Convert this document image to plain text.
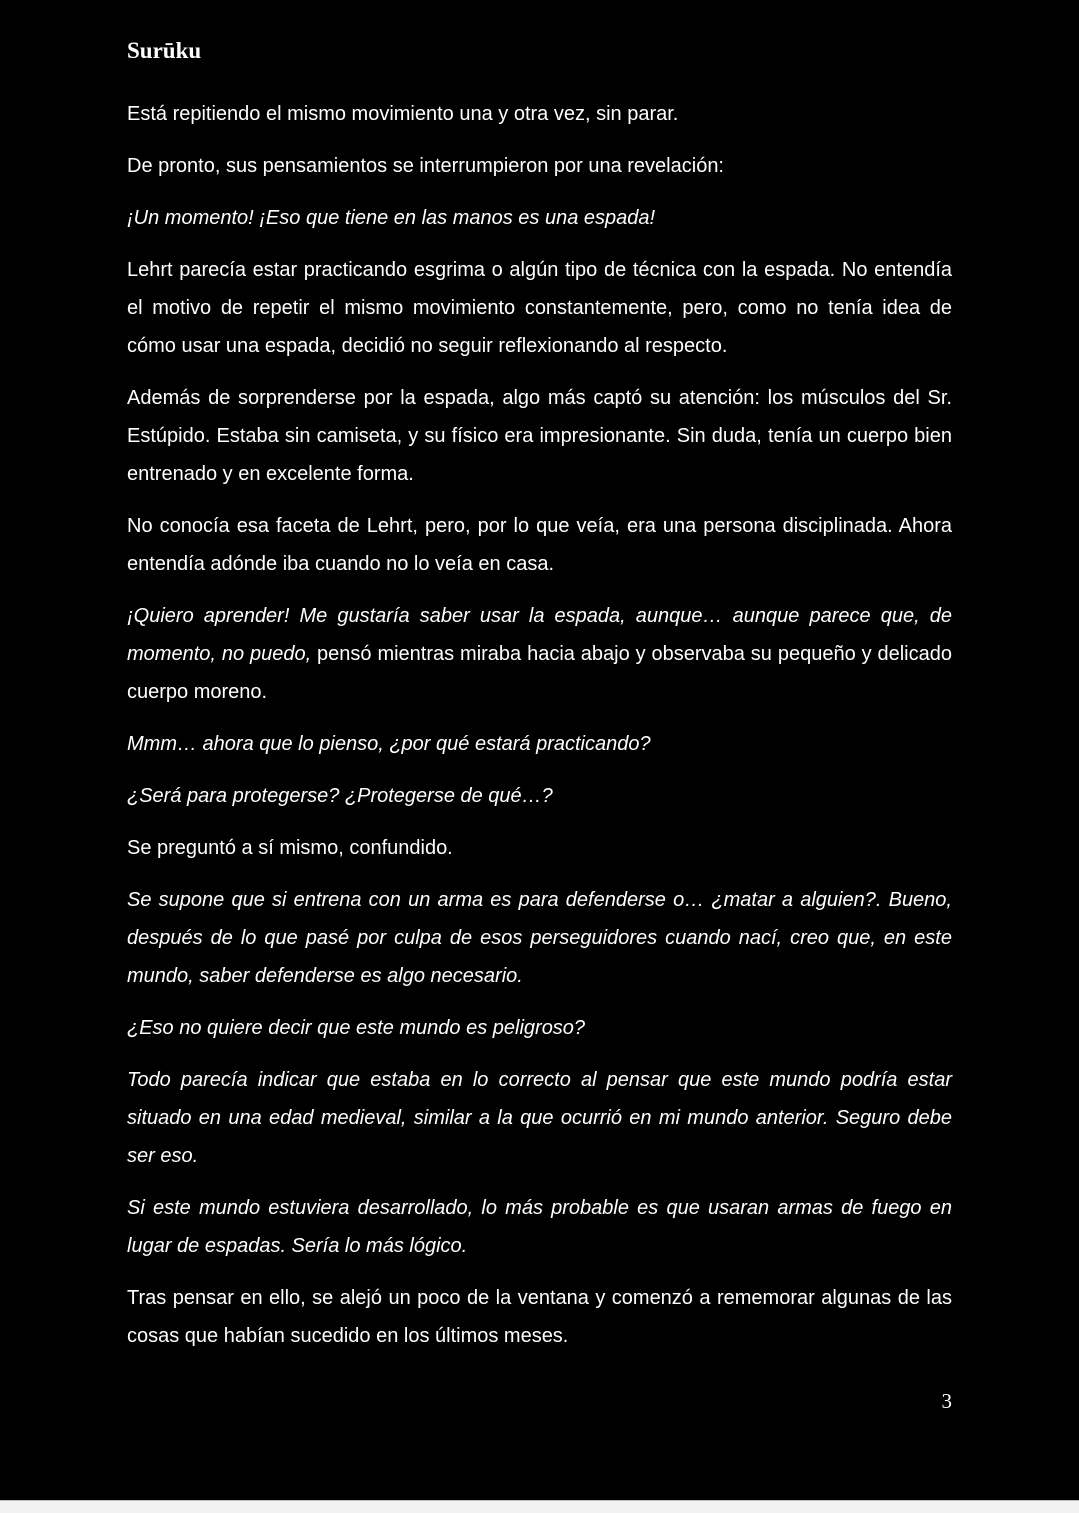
Surūku

Está repitiendo el mismo movimiento una y otra vez, sin parar.

De pronto, sus pensamientos se interrumpieron por una revelación:

¡Un momento! ¡Eso que tiene en las manos es una espada!

Lehrt parecía estar practicando esgrima o algún tipo de técnica con la espada. No entendía el motivo de repetir el mismo movimiento constantemente, pero, como no tenía idea de cómo usar una espada, decidió no seguir reflexionando al respecto.

Además de sorprenderse por la espada, algo más captó su atención: los músculos del Sr. Estúpido. Estaba sin camiseta, y su físico era impresionante. Sin duda, tenía un cuerpo bien entrenado y en excelente forma.

No conocía esa faceta de Lehrt, pero, por lo que veía, era una persona disciplinada. Ahora entendía adónde iba cuando no lo veía en casa.

¡Quiero aprender! Me gustaría saber usar la espada, aunque… aunque parece que, de momento, no puedo, pensó mientras miraba hacia abajo y observaba su pequeño y delicado cuerpo moreno.

Mmm… ahora que lo pienso, ¿por qué estará practicando?

¿Será para protegerse? ¿Protegerse de qué…?

Se preguntó a sí mismo, confundido.

Se supone que si entrena con un arma es para defenderse o… ¿matar a alguien?. Bueno, después de lo que pasé por culpa de esos perseguidores cuando nací, creo que, en este mundo, saber defenderse es algo necesario.

¿Eso no quiere decir que este mundo es peligroso?

Todo parecía indicar que estaba en lo correcto al pensar que este mundo podría estar situado en una edad medieval, similar a la que ocurrió en mi mundo anterior. Seguro debe ser eso.

Si este mundo estuviera desarrollado, lo más probable es que usaran armas de fuego en lugar de espadas. Sería lo más lógico.

Tras pensar en ello, se alejó un poco de la ventana y comenzó a rememorar algunas de las cosas que habían sucedido en los últimos meses.

3
